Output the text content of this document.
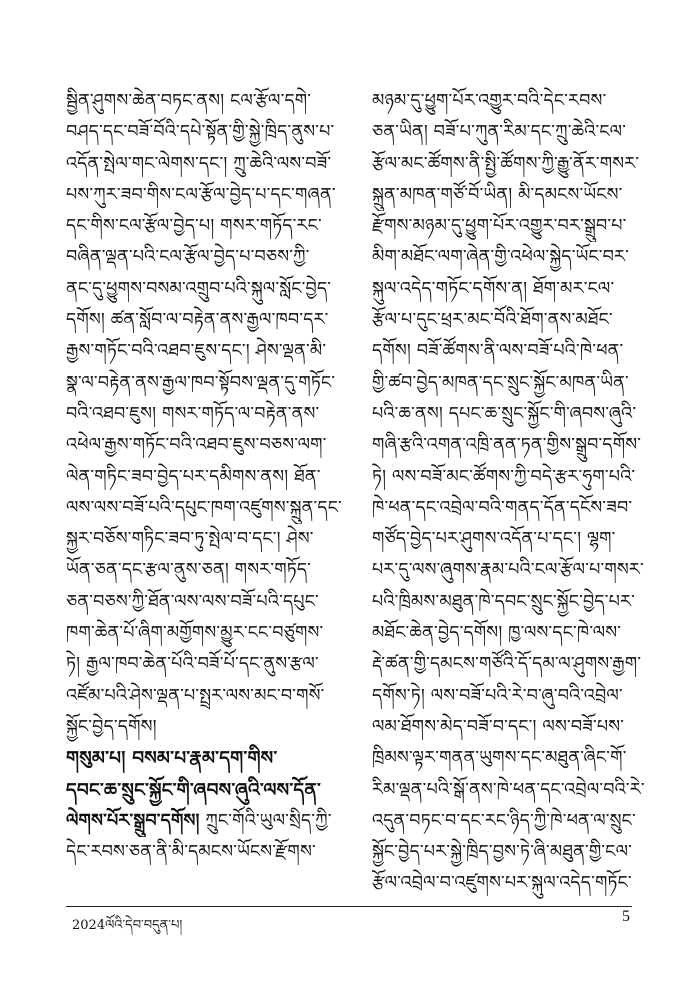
སྦྱིན་ཤུགས་ཆེན་བཏང་ནས། ངལ་རྩོལ་དགེ་
བཤད་དང་བཟོ་བོའི་དཔེ་སྟོན་གྱི་སྐྱེ་ཁྲིད་ནུས་པ་
འདོན་སྤེལ་གང་ལེགས་དང་། ཀྲུ་ཆེའི་ལས་བཟོ་
པས་ཀུར་ཟབ་གིས་ངལ་རྩོལ་བྱེད་པ་དང་གཞན་
དང་གིས་ངལ་རྩོལ་བྱེད་པ། གསར་གཏོད་རང་
བཞིན་ལྡན་པའི་ངལ་རྩོལ་བྱེད་པ་བཅས་ཀྱི་
ནང་དུ་ཕྱུགས་བསམ་འགྲུབ་པའི་སྐུལ་སློང་བྱེད་
དགོས། ཚན་སློབ་ལ་བརྟེན་ནས་རྒྱལ་ཁབ་དར་
རྒྱས་གཏོང་བའི་འཐབ་ཇུས་དང་། ཤེས་ལྡན་མི་
སྣ་ལ་བརྟེན་ནས་རྒྱལ་ཁབ་སྟོབས་ལྡན་དུ་གཏོང་
བའི་འཐབ་ཇུས། གསར་གཏོད་ལ་བརྟེན་ནས་
འཕེལ་རྒྱས་གཏོང་བའི་འཐབ་ཇུས་བཅས་ལག་
ལེན་གཏིང་ཟབ་བྱེད་པར་དམིགས་ནས། ཐོན་
ལས་ལས་བཟོ་པའི་དཔུང་ཁག་འཛུགས་སྐྲུན་དང་
སྐྱར་བཅོས་གཏིང་ཟབ་ཏུ་སྤེལ་བ་དང་། ཤེས་
ཡོན་ཅན་དང་རྩལ་ནུས་ཅན། གསར་གཏོད་
ཅན་བཅས་ཀྱི་ཐོན་ལས་ལས་བཟོ་པའི་དཔུང་
ཁག་ཆེན་པོ་ཞིག་མགྱོགས་མྱུར་ངང་བཙུགས་
ཏེ། རྒྱལ་ཁབ་ཆེན་པོའི་བཟོ་པོ་དང་ནུས་རྩལ་
འཛོམ་པའི་ཤེས་ལྡན་པ་སྤྲར་ལས་མང་བ་གསོ་
སྐྱོང་བྱེད་དགོས།
གསུམ་པ། བསམ་པ་རྣམ་དག་གིས་
དབང་ཆ་སྲུང་སྐྱོང་གི་ཞབས་ཞུའི་ལས་དོན་
ལེགས་པོར་སྒྲུབ་དགོས། ཀྲུང་གོའི་ཡུལ་སྲིད་ཀྱི་
དེང་རབས་ཅན་ནི་མི་དམངས་ཡོངས་རྫོགས་
མཉམ་དུ་ཕྱུག་པོར་འགྱུར་བའི་དེང་རབས་
ཅན་ཡིན། བཟོ་པ་ཀུན་རིམ་དང་ཀྲུ་ཆེའི་ངལ་
རྩོལ་མང་ཚོགས་ནི་སྤྱི་ཚོགས་ཀྱི་རྒྱུ་ནོར་གསར་
སྐྲུན་མཁན་གཙོ་བོ་ཡིན། མི་དམངས་ཡོངས་
རྫོགས་མཉམ་དུ་ཕྱུག་པོར་འགྱུར་བར་སྒྲུབ་པ་
མིག་མཐོང་ལག་ཞེན་གྱི་འཕེལ་སྐྱེད་ཡོང་བར་
སྐུལ་འདེད་གཏོང་དགོས་ན། ཐོག་མར་ངལ་
རྩོལ་པ་དུང་ཕྲར་མང་བོའི་ཐོག་ནས་མཐོང་
དགོས། བཟོ་ཚོགས་ནི་ལས་བཟོ་པའི་ཁེ་ཕན་
གྱི་ཚབ་བྱེད་མཁན་དང་སྲུང་སྐྱོང་མཁན་ཡིན་
པའི་ཆ་ནས། དཔང་ཆ་སྲུང་སྐྱོང་གི་ཞབས་ཞུའི་
གཞི་རྩའི་འགན་འཁྲི་ནན་ཏན་གྱིས་སྒྲུབ་དགོས་
ཏེ། ལས་བཟོ་མང་ཚོགས་ཀྱི་བདེ་རྩར་ཧུག་པའི་
ཁེ་ཕན་དང་འབྲེལ་བའི་གནད་དོན་དངོས་ཟབ་
གཙོད་བྱེད་པར་ཤུགས་འདོན་པ་དང་། ལྷག་
པར་དུ་ལས་ཞུགས་རྣམ་པའི་ངལ་རྩོལ་པ་གསར་
པའི་ཁྲིམས་མཐུན་ཁེ་དབང་སྲུང་སྐྱོང་བྱེད་པར་
མཐོང་ཆེན་བྱེད་དགོས། ཁྱ་ལས་དང་ཁེ་ལས་
རྡེ་ཚན་གྱི་དམངས་གཙོའི་དོ་དམ་ལ་ཤུགས་རྒྱག་
དགོས་ཏེ། ལས་བཟོ་པའི་རེ་བ་ཞུ་བའི་འབྲེལ་
ལམ་ཐོགས་མེད་བཟོ་བ་དང་། ལས་བཟོ་པས་
ཁྲིམས་ལྟར་གནན་ཡུགས་དང་མཐུན་ཞིང་གོ་
རིམ་ལྡན་པའི་སྒོ་ནས་ཁེ་ཕན་དང་འབྲེལ་བའི་རེ་
འདུན་བཏང་བ་དང་རང་ཉིད་ཀྱི་ཁེ་ཕན་ལ་སྲུང་
སྐྱོང་བྱེད་པར་སྐྱེ་ཁྲིད་བྱས་ཏེ་ཞི་མཐུན་གྱི་ངལ་
རྩོལ་འབྲེལ་བ་འཛུགས་པར་སྐུལ་འདེད་གཏོང་
2024ལོའི་དེབ་བདུན་པ།
5
